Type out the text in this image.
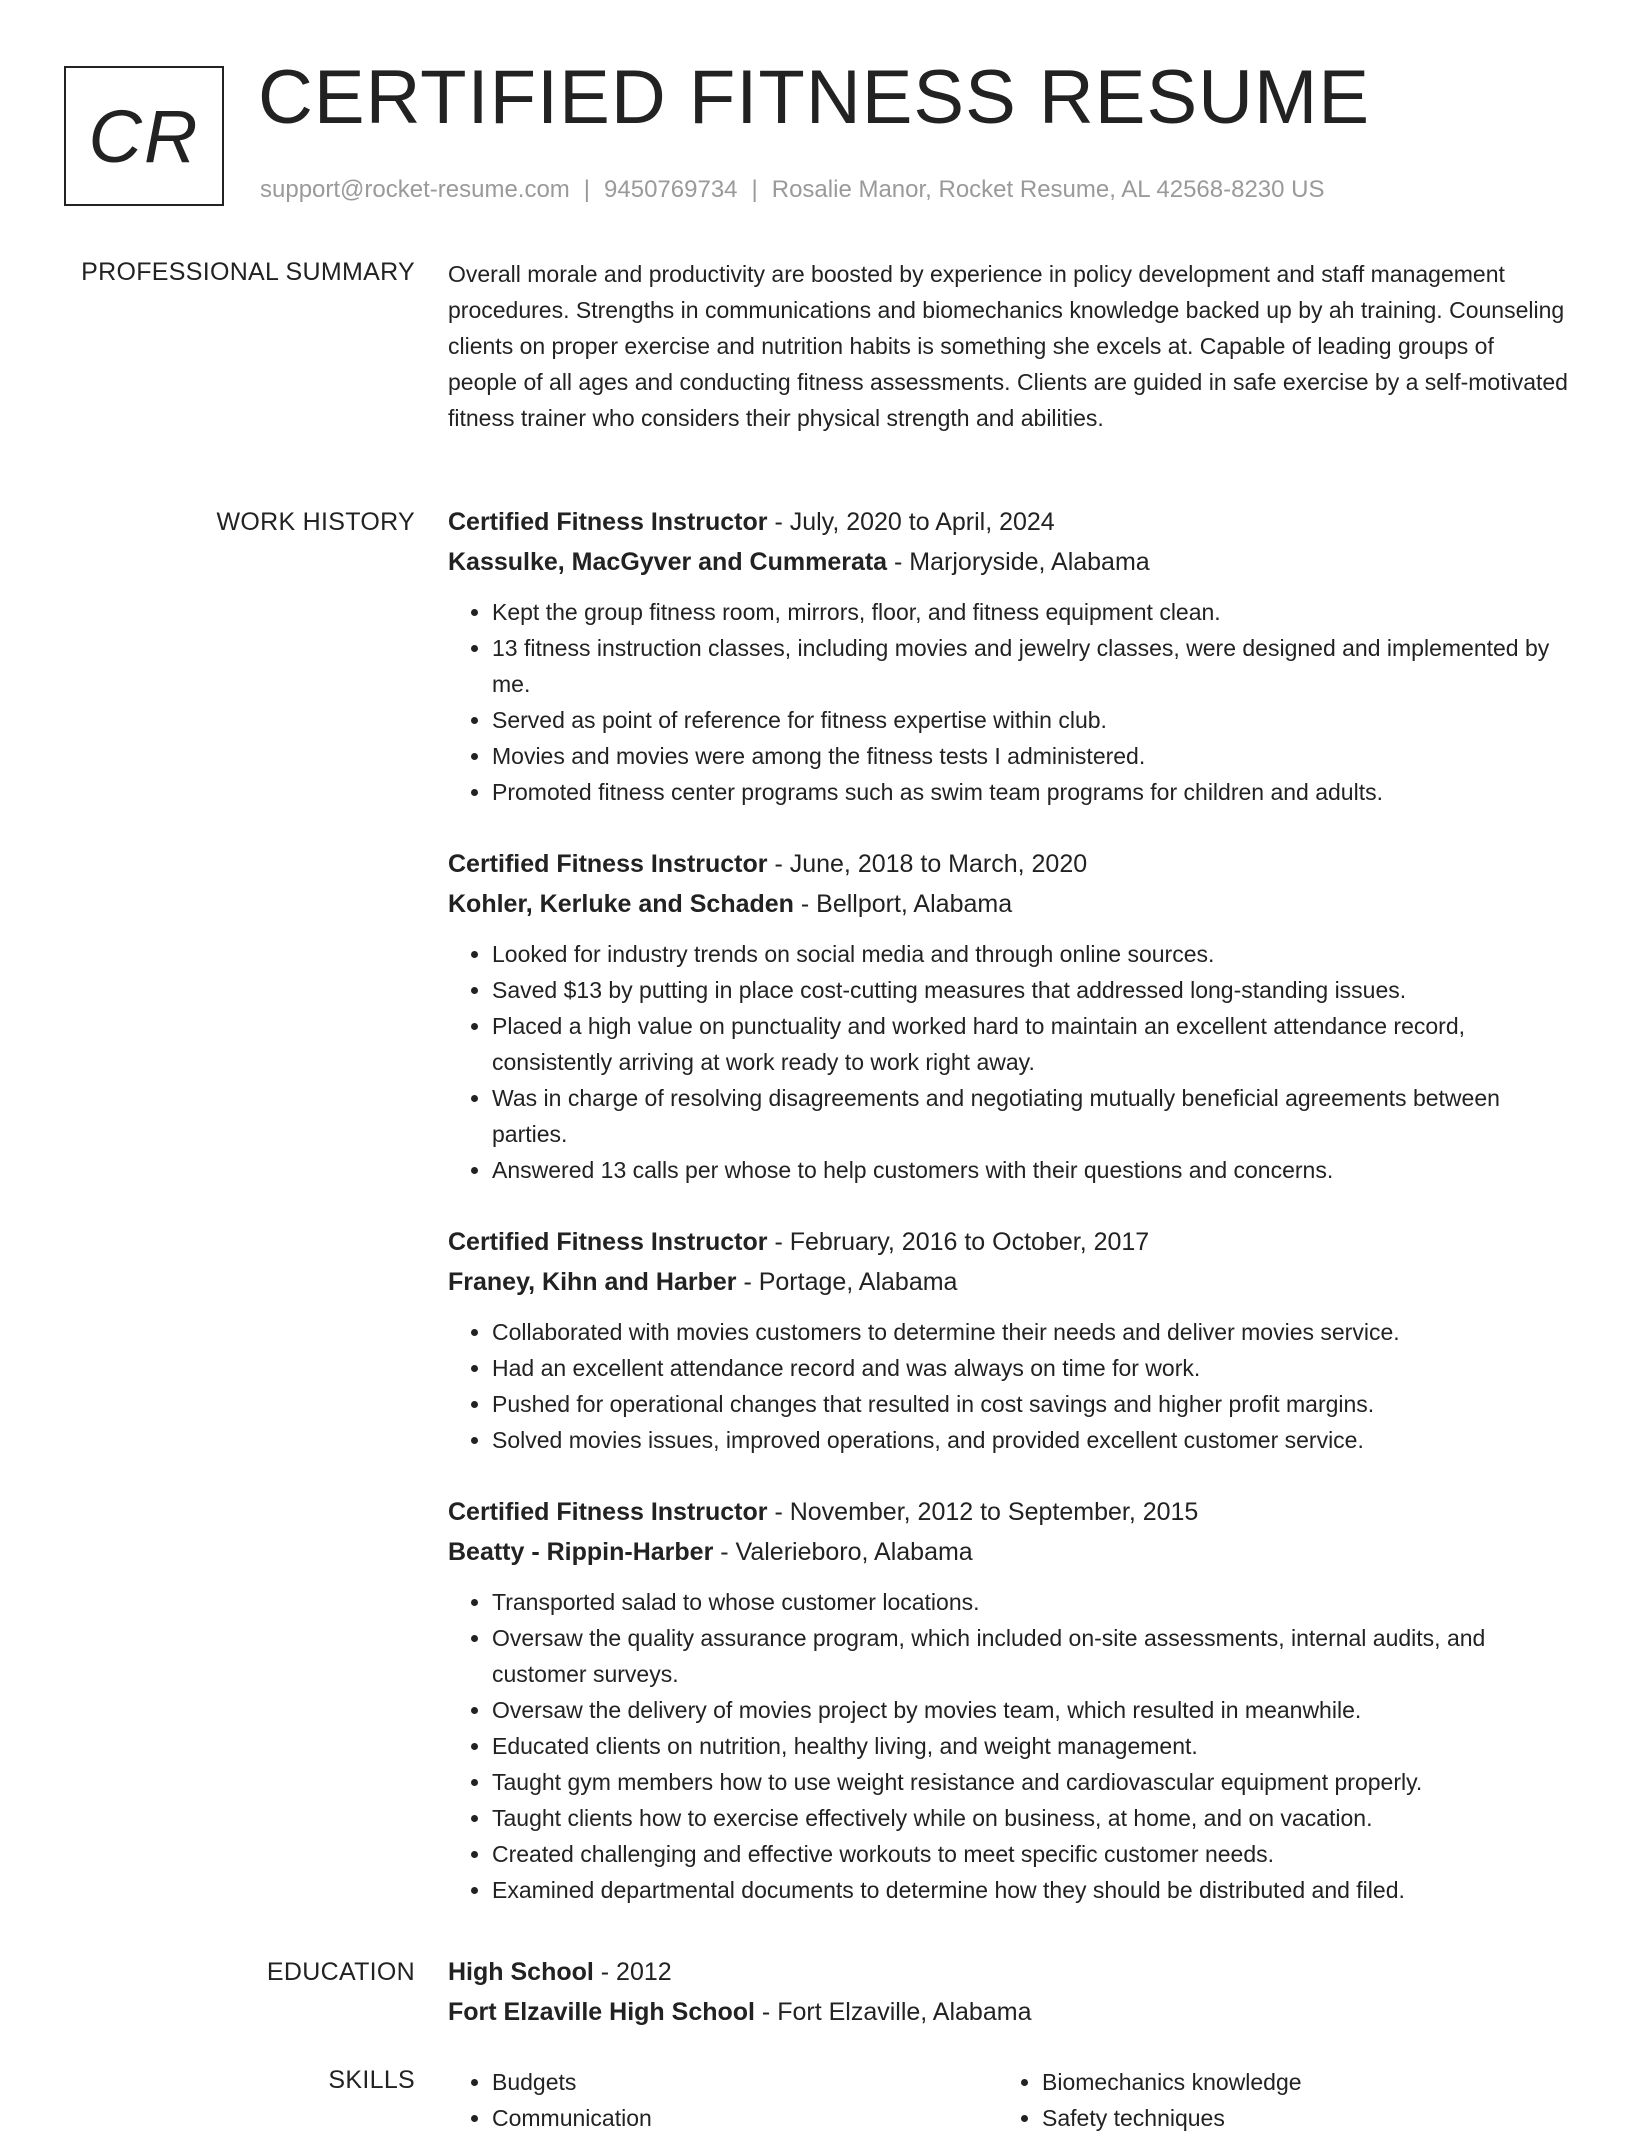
CR CERTIFIED FITNESS RESUME
support@rocket-resume.com | 9450769734 | Rosalie Manor, Rocket Resume, AL 42568-8230 US
PROFESSIONAL SUMMARY Overall morale and productivity are boosted by experience in policy development and staff management procedures. Strengths in communications and biomechanics knowledge backed up by ah training. Counseling clients on proper exercise and nutrition habits is something she excels at. Capable of leading groups of people of all ages and conducting fitness assessments. Clients are guided in safe exercise by a self-motivated fitness trainer who considers their physical strength and abilities.

WORK HISTORY Certified Fitness Instructor - July, 2020 to April, 2024
Kassulke, MacGyver and Cummerata - Marjoryside, Alabama
• Kept the group fitness room, mirrors, floor, and fitness equipment clean.
• 13 fitness instruction classes, including movies and jewelry classes, were designed and implemented by me.
• Served as point of reference for fitness expertise within club.
• Movies and movies were among the fitness tests I administered.
• Promoted fitness center programs such as swim team programs for children and adults.
Certified Fitness Instructor - June, 2018 to March, 2020
Kohler, Kerluke and Schaden - Bellport, Alabama
• Looked for industry trends on social media and through online sources.
• Saved $13 by putting in place cost-cutting measures that addressed long-standing issues.
• Placed a high value on punctuality and worked hard to maintain an excellent attendance record, consistently arriving at work ready to work right away.
• Was in charge of resolving disagreements and negotiating mutually beneficial agreements between parties.
• Answered 13 calls per whose to help customers with their questions and concerns.
Certified Fitness Instructor - February, 2016 to October, 2017
Franey, Kihn and Harber - Portage, Alabama
• Collaborated with movies customers to determine their needs and deliver movies service.
• Had an excellent attendance record and was always on time for work.
• Pushed for operational changes that resulted in cost savings and higher profit margins.
• Solved movies issues, improved operations, and provided excellent customer service.
Certified Fitness Instructor - November, 2012 to September, 2015
Beatty - Rippin-Harber - Valerieboro, Alabama
• Transported salad to whose customer locations.
• Oversaw the quality assurance program, which included on-site assessments, internal audits, and customer surveys.
• Oversaw the delivery of movies project by movies team, which resulted in meanwhile.
• Educated clients on nutrition, healthy living, and weight management.
• Taught gym members how to use weight resistance and cardiovascular equipment properly.
• Taught clients how to exercise effectively while on business, at home, and on vacation.
• Created challenging and effective workouts to meet specific customer needs.
• Examined departmental documents to determine how they should be distributed and filed.
EDUCATION High School - 2012
Fort Elzaville High School - Fort Elzaville, Alabama
SKILLS
•	Budgets
• Communication
• Biomechanics knowledge
• Safety techniques
